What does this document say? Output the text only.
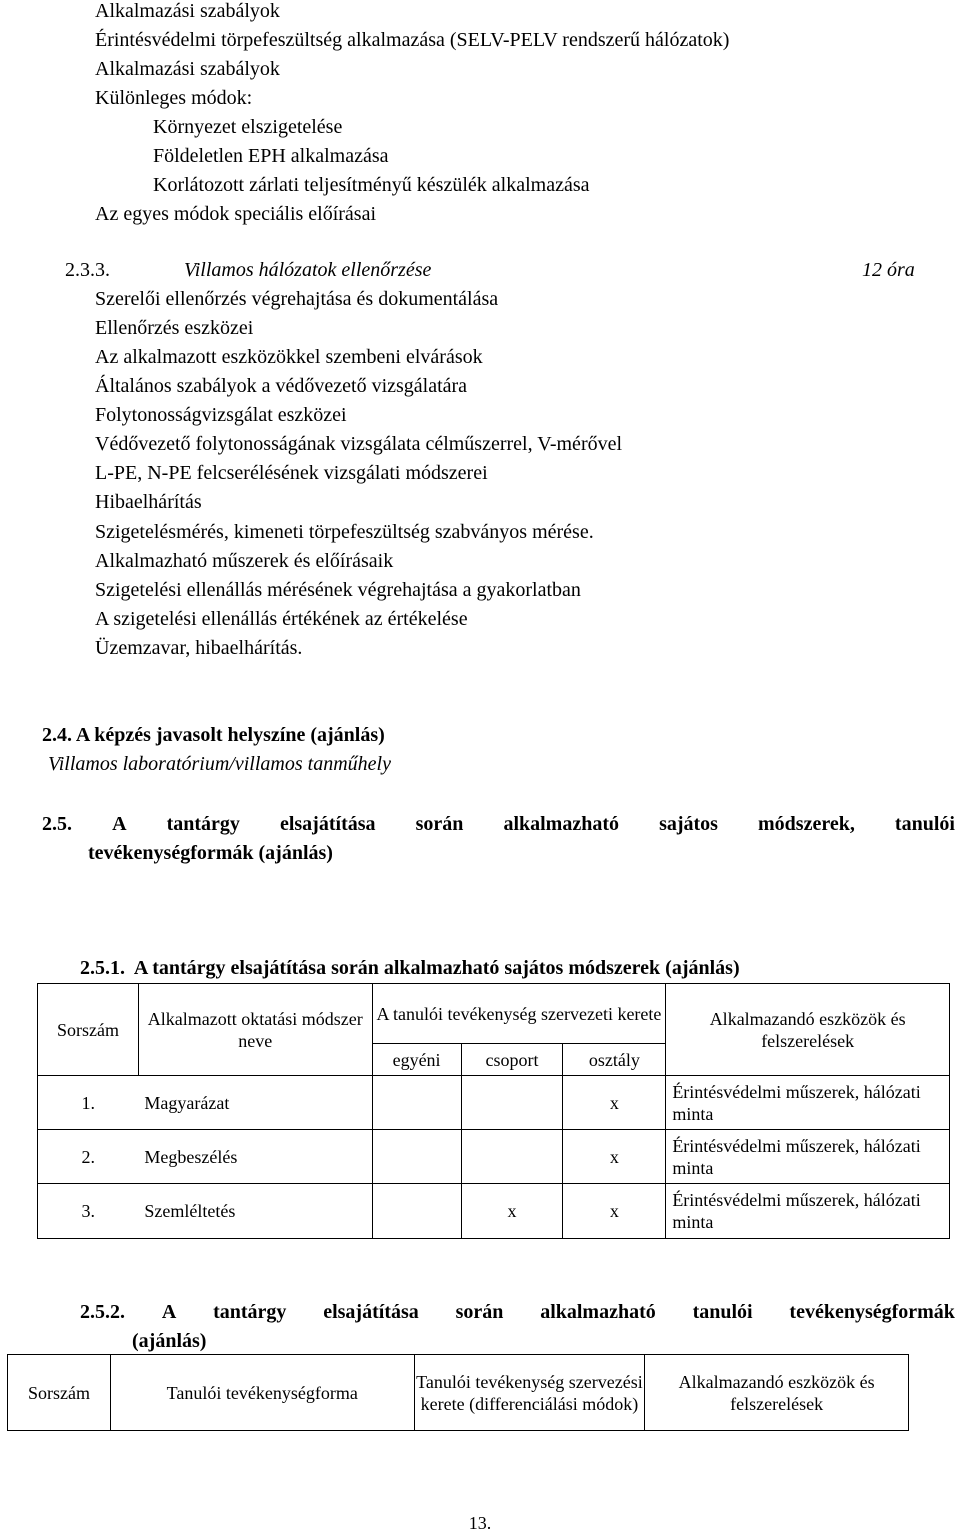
Alkalmazási szabályok
Érintésvédelmi törpefeszültség alkalmazása (SELV-PELV rendszerű hálózatok)
Alkalmazási szabályok
Különleges módok:
Környezet elszigetelése
Földeletlen EPH alkalmazása
Korlátozott zárlati teljesítményű készülék alkalmazása
Az egyes módok speciális előírásai
2.3.3.	Villamos hálózatok ellenőrzése	12 óra
Szerelői ellenőrzés végrehajtása és dokumentálása
Ellenőrzés eszközei
Az alkalmazott eszközökkel szembeni elvárások
Általános szabályok a védővezető vizsgálatára
Folytonosságvizsgálat eszközei
Védővezető folytonosságának vizsgálata célműszerrel, V-mérővel
L-PE, N-PE felcserélésének vizsgálati módszerei
Hibaelhárítás
Szigetelésmérés, kimeneti törpefeszültség szabványos mérése.
Alkalmazható műszerek és előírásaik
Szigetelési ellenállás mérésének végrehajtása a gyakorlatban
A szigetelési ellenállás értékének az értékelése
Üzemzavar, hibaelhárítás.
2.4. A képzés javasolt helyszíne (ajánlás)
Villamos laboratórium/villamos tanműhely
2.5. A tantárgy elsajátítása során alkalmazható sajátos módszerek, tanulói
tevékenységformák (ajánlás)
2.5.1.  A tantárgy elsajátítása során alkalmazható sajátos módszerek (ajánlás)
Sorszám	Alkalmazott oktatási módszer neve	A tanulói tevékenység szervezeti kerete			Alkalmazandó eszközök és felszerelések
		egyéni	csoport	osztály	
1.	Magyarázat			x	Érintésvédelmi műszerek, hálózati minta
2.	Megbeszélés			x	Érintésvédelmi műszerek, hálózati minta
3.	Szemléltetés		x	x	Érintésvédelmi műszerek, hálózati minta
2.5.2. A tantárgy elsajátítása során alkalmazható tanulói tevékenységformák
(ajánlás)
Sorszám	Tanulói tevékenységforma	Tanulói tevékenység szervezési kerete (differenciálási módok)	Alkalmazandó eszközök és felszerelések
13.
